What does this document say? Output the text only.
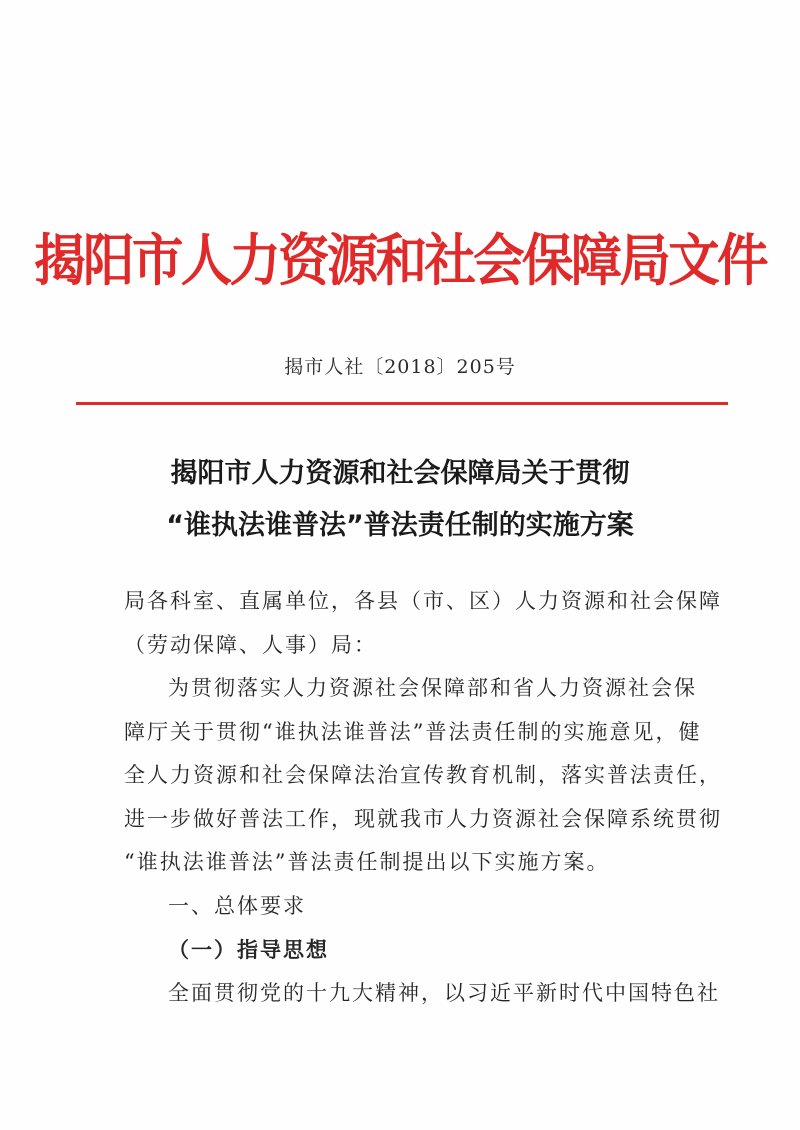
揭阳市人力资源和社会保障局文件
揭市人社〔2018〕205号
揭阳市人力资源和社会保障局关于贯彻
“谁执法谁普法”普法责任制的实施方案
局各科室、直属单位，各县（市、区）人力资源和社会保障
（劳动保障、人事）局：
为贯彻落实人力资源社会保障部和省人力资源社会保
障厅关于贯彻“谁执法谁普法”普法责任制的实施意见，健
全人力资源和社会保障法治宣传教育机制，落实普法责任，
进一步做好普法工作，现就我市人力资源社会保障系统贯彻
“谁执法谁普法”普法责任制提出以下实施方案。
一、总体要求
（一）指导思想
全面贯彻党的十九大精神，以习近平新时代中国特色社
